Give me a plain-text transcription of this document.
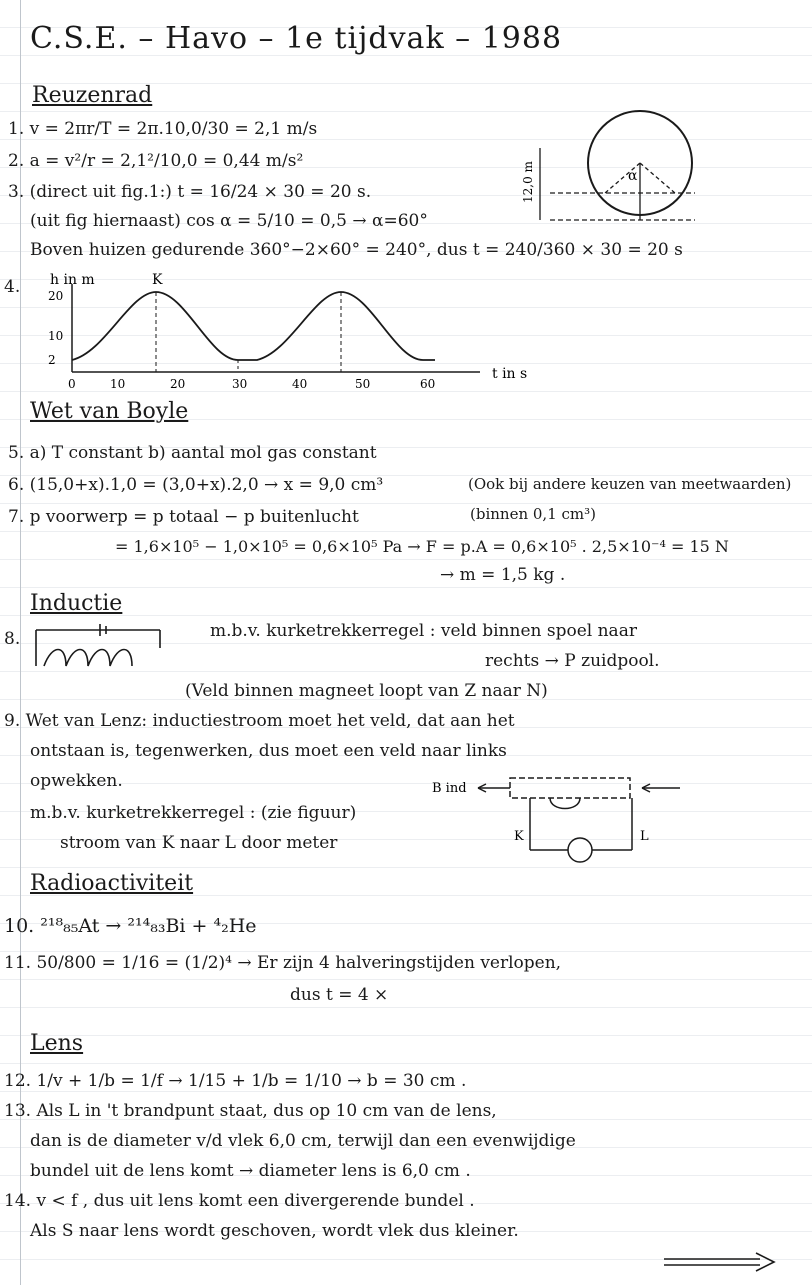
C.S.E. – Havo – 1e tijdvak – 1988
Reuzenrad
1. v = 2πr/T = 2π.10,0/30 = 2,1 m/s
2. a = v²/r = 2,1²/10,0 = 0,44 m/s²
3. (direct uit fig.1:) t = 16/24 × 30 = 20 s.
(uit fig hiernaast) cos α = 5/10 = 0,5 → α=60°
Boven huizen gedurende 360°−2×60° = 240°, dus t = 240/360 × 30 = 20 s
4.
α
12,0 m
h in m	K
20
10
2
0	10	20	30	40	50	60
t in s
Wet van Boyle
5. a) T constant b) aantal mol gas constant
6. (15,0+x).1,0 = (3,0+x).2,0 → x = 9,0 cm³	(Ook bij andere keuzen van meetwaarden)
(binnen 0,1 cm³)
7. p voorwerp = p totaal − p buitenlucht
= 1,6×10⁵ − 1,0×10⁵ = 0,6×10⁵ Pa → F = p.A = 0,6×10⁵ . 2,5×10⁻⁴ = 15 N
→ m = 1,5 kg .
Inductie
8.	m.b.v. kurketrekkerregel : veld binnen spoel naar
rechts → P zuidpool.
(Veld binnen magneet loopt van Z naar N)
9. Wet van Lenz: inductiestroom moet het veld, dat aan het
ontstaan is, tegenwerken, dus moet een veld naar links
opwekken.
m.b.v. kurketrekkerregel : (zie figuur)
stroom van K naar L door meter
B ind
K	L
Radioactiviteit
10. ²¹⁸₈₅At → ²¹⁴₈₃Bi + ⁴₂He
11. 50/800 = 1/16 = (1/2)⁴ → Er zijn 4 halveringstijden verlopen,
dus t = 4 ×
Lens
12. 1/v + 1/b = 1/f → 1/15 + 1/b = 1/10 → b = 30 cm .
13. Als L in 't brandpunt staat, dus op 10 cm van de lens,
dan is de diameter v/d vlek 6,0 cm, terwijl dan een evenwijdige
bundel uit de lens komt → diameter lens is 6,0 cm .
14. v < f , dus uit lens komt een divergerende bundel .
Als S naar lens wordt geschoven, wordt vlek dus kleiner.
